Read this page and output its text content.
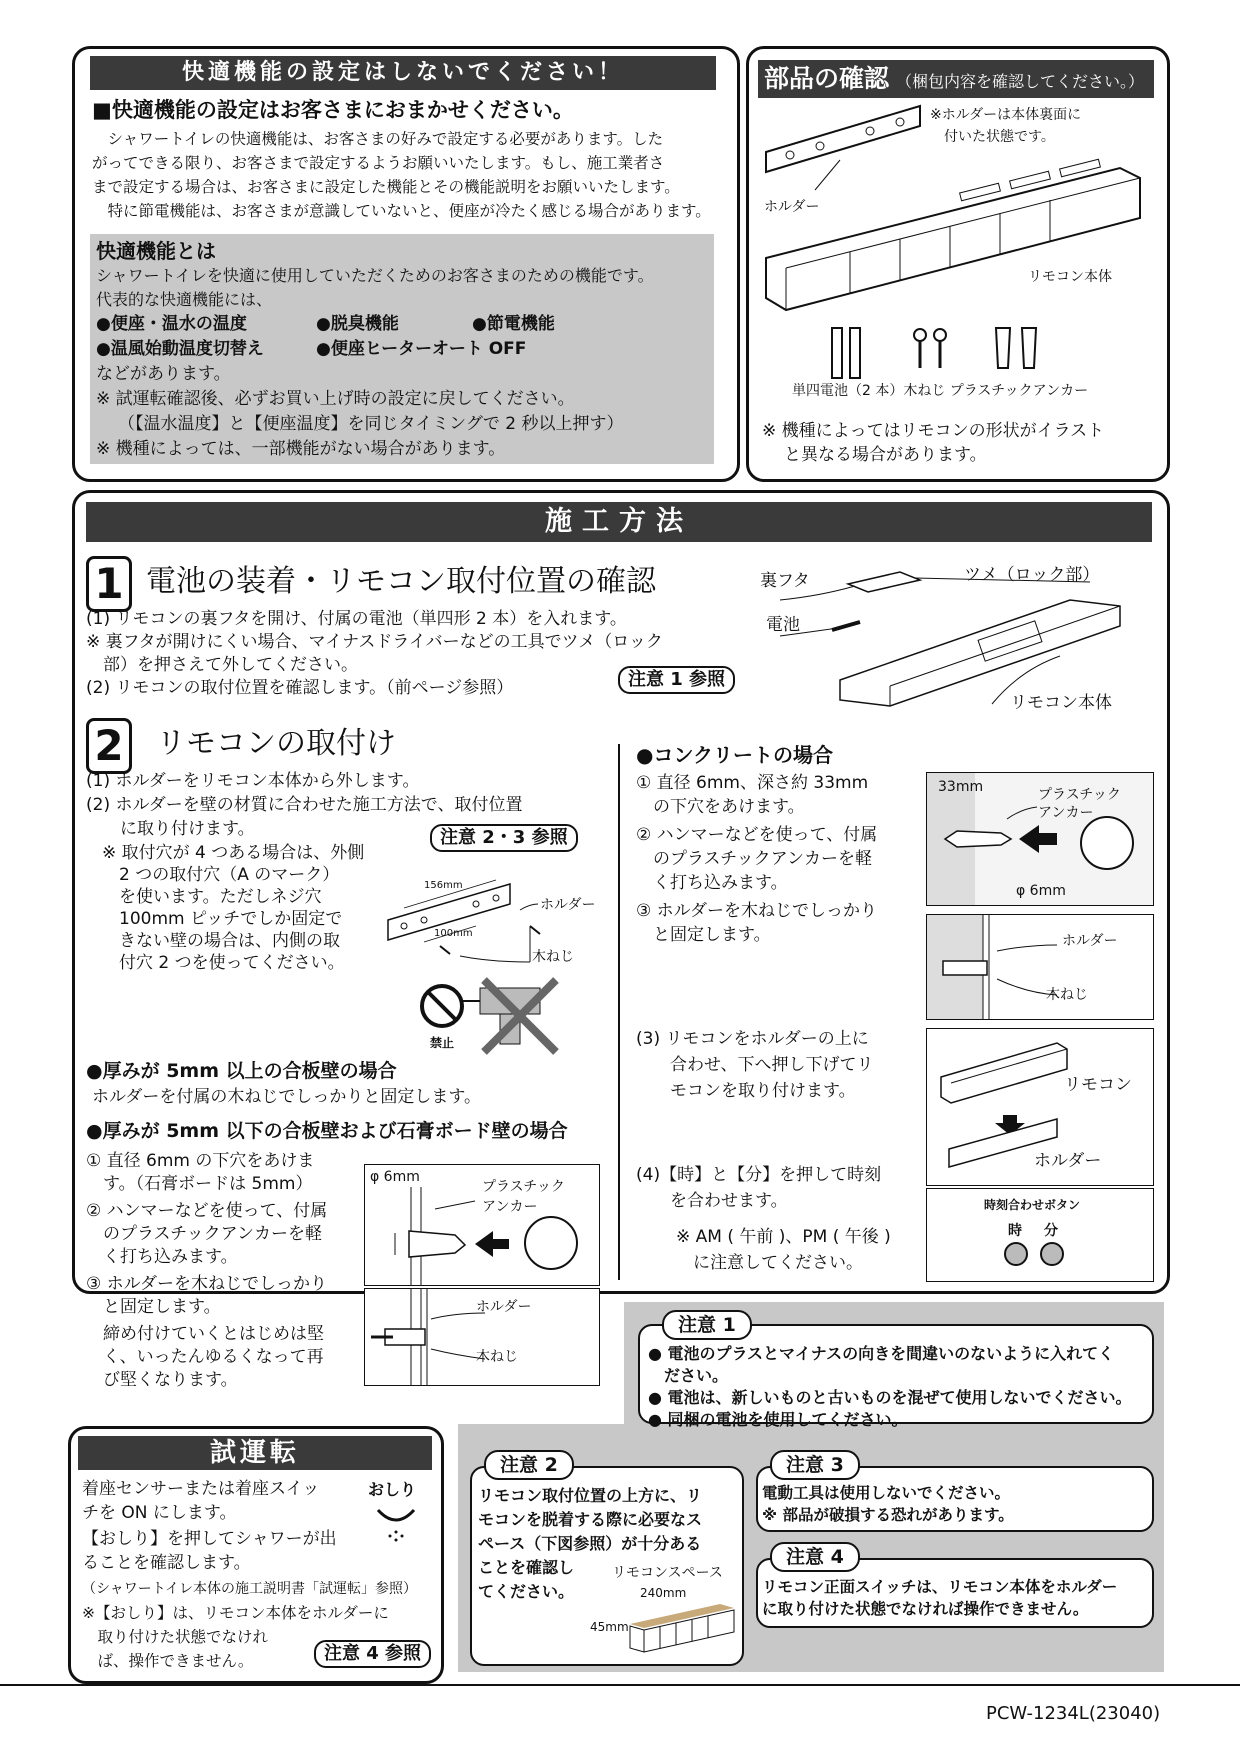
快適機能の設定はしないでください！
■快適機能の設定はお客さまにおまかせください。
　シャワートイレの快適機能は、お客さまの好みで設定する必要があります。した
がってできる限り、お客さまで設定するようお願いいたします。もし、施工業者さ
まで設定する場合は、お客さまに設定した機能とその機能説明をお願いいたします。
　特に節電機能は、お客さまが意識していないと、便座が冷たく感じる場合があります。
快適機能とは
シャワートイレを快適に使用していただくためのお客さまのための機能です。
代表的な快適機能には、
●便座・温水の温度	●脱臭機能	●節電機能
●温風始動温度切替え	●便座ヒーターオート OFF
などがあります。
※ 試運転確認後、必ずお買い上げ時の設定に戻してください。
（【温水温度】と【便座温度】を同じタイミングで 2 秒以上押す）
※ 機種によっては、一部機能がない場合があります。
部品の確認 （梱包内容を確認してください。）
※ホルダーは本体裏面に
付いた状態です。
ホルダー
リモコン本体
単四電池（2 本）木ねじ プラスチックアンカー
※ 機種によってはリモコンの形状がイラスト
と異なる場合があります。
施工方法
1 電池の装着・リモコン取付位置の確認
(1) リモコンの裏フタを開け、付属の電池（単四形 2 本）を入れます。
※ 裏フタが開けにくい場合、マイナスドライバーなどの工具でツメ（ロック
　部）を押さえて外してください。
(2) リモコンの取付位置を確認します。（前ページ参照）	注意 1 参照
裏フタ	ツメ（ロック部）
電池
リモコン本体
2 リモコンの取付け
(1) ホルダーをリモコン本体から外します。
(2) ホルダーを壁の材質に合わせた施工方法で、取付位置
　　に取り付けます。	注意 2・3 参照
※ 取付穴が 4 つある場合は、外側
　2 つの取付穴（A のマーク）
　を使います。ただしネジ穴
　100mm ピッチでしか固定で
　きない壁の場合は、内側の取
　付穴 2 つを使ってください。
156mm
100mm
ホルダー
木ねじ
禁止
●厚みが 5mm 以上の合板壁の場合
ホルダーを付属の木ねじでしっかりと固定します。
●厚みが 5mm 以下の合板壁および石膏ボード壁の場合
① 直径 6mm の下穴をあけま
　す。（石膏ボードは 5mm）
② ハンマーなどを使って、付属
　のプラスチックアンカーを軽
　く打ち込みます。
③ ホルダーを木ねじでしっかり
　と固定します。
　締め付けていくとはじめは堅
　く、いったんゆるくなって再
　び堅くなります。
φ 6mm
プラスチック
アンカー
ホルダー
木ねじ
●コンクリートの場合
① 直径 6mm、深さ約 33mm
　の下穴をあけます。
② ハンマーなどを使って、付属
　のプラスチックアンカーを軽
　く打ち込みます。
③ ホルダーを木ねじでしっかり
　と固定します。
33mm	プラスチック
アンカー
φ 6mm
ホルダー
木ねじ
(3) リモコンをホルダーの上に
　　合わせ、下へ押し下げてリ
　　モコンを取り付けます。	リモコン
ホルダー
(4)【時】と【分】を押して時刻
　　を合わせます。
※ AM ( 午前 )、PM ( 午後 )
　に注意してください。
時刻合わせボタン
時 分
注意 1
● 電池のプラスとマイナスの向きを間違いのないように入れてく
　ださい。
● 電池は、新しいものと古いものを混ぜて使用しないでください。
● 同梱の電池を使用してください。
試運転
着座センサーまたは着座スイッ
チを ON にします。
【おしり】を押してシャワーが出
ることを確認します。
（シャワートイレ本体の施工説明書「試運転」参照）
※【おしり】は、リモコン本体をホルダーに
　取り付けた状態でなけれ
　ば、操作できません。
おしり
注意 4 参照
注意 2
リモコン取付位置の上方に、リ
モコンを脱着する際に必要なス
ペース（下図参照）が十分ある
ことを確認し
てください。
リモコンスペース
240mm
45mm
注意 3
電動工具は使用しないでください。
※ 部品が破損する恐れがあります。
注意 4
リモコン正面スイッチは、リモコン本体をホルダー
に取り付けた状態でなければ操作できません。
PCW-1234L(23040)
